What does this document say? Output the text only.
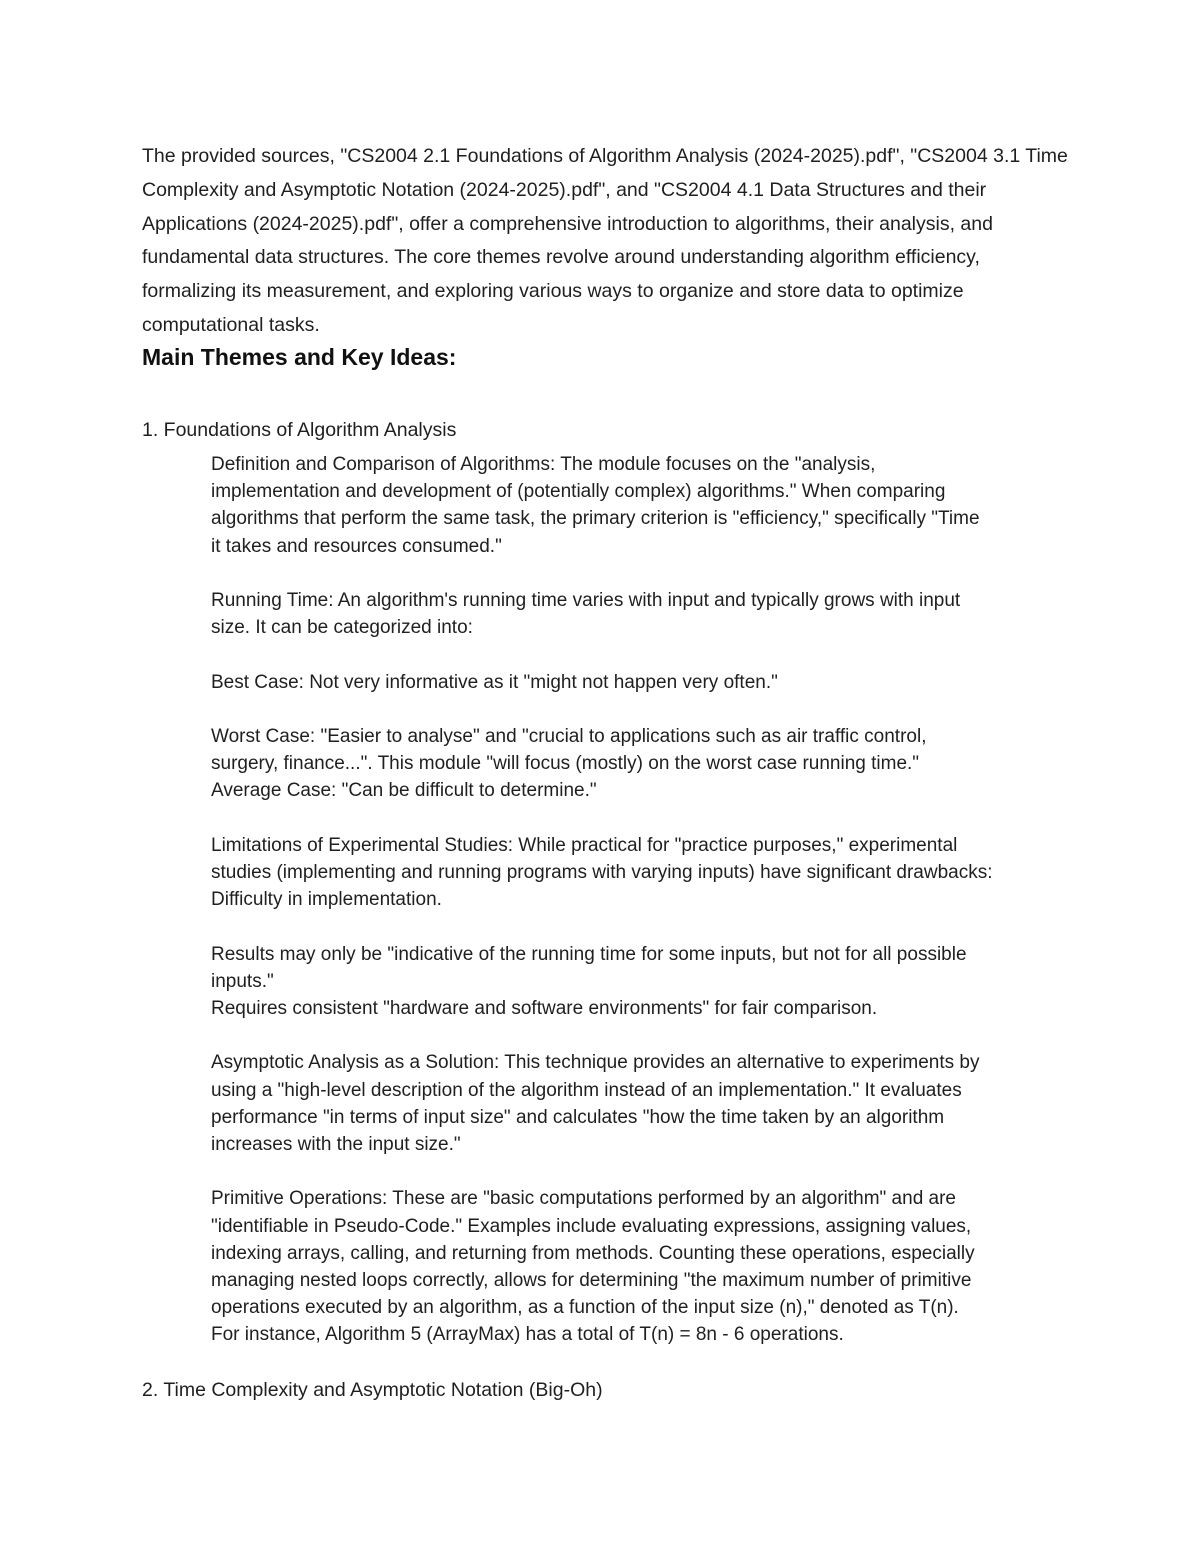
The provided sources, "CS2004 2.1 Foundations of Algorithm Analysis (2024-2025).pdf", "CS2004 3.1 Time Complexity and Asymptotic Notation (2024-2025).pdf", and "CS2004 4.1 Data Structures and their Applications (2024-2025).pdf", offer a comprehensive introduction to algorithms, their analysis, and fundamental data structures. The core themes revolve around understanding algorithm efficiency, formalizing its measurement, and exploring various ways to organize and store data to optimize computational tasks.

Main Themes and Key Ideas:

1. Foundations of Algorithm Analysis

Definition and Comparison of Algorithms: The module focuses on the "analysis,
implementation and development of (potentially complex) algorithms." When comparing
algorithms that perform the same task, the primary criterion is "efficiency," specifically "Time
it takes and resources consumed."

Running Time: An algorithm's running time varies with input and typically grows with input
size. It can be categorized into:

Best Case: Not very informative as it "might not happen very often."

Worst Case: "Easier to analyse" and "crucial to applications such as air traffic control,
surgery, finance...". This module "will focus (mostly) on the worst case running time."
Average Case: "Can be difficult to determine."

Limitations of Experimental Studies: While practical for "practice purposes," experimental
studies (implementing and running programs with varying inputs) have significant drawbacks:
Difficulty in implementation.

Results may only be "indicative of the running time for some inputs, but not for all possible
inputs."
Requires consistent "hardware and software environments" for fair comparison.

Asymptotic Analysis as a Solution: This technique provides an alternative to experiments by
using a "high-level description of the algorithm instead of an implementation." It evaluates
performance "in terms of input size" and calculates "how the time taken by an algorithm
increases with the input size."

Primitive Operations: These are "basic computations performed by an algorithm" and are
"identifiable in Pseudo-Code." Examples include evaluating expressions, assigning values,
indexing arrays, calling, and returning from methods. Counting these operations, especially
managing nested loops correctly, allows for determining "the maximum number of primitive
operations executed by an algorithm, as a function of the input size (n)," denoted as T(n).
For instance, Algorithm 5 (ArrayMax) has a total of T(n) = 8n - 6 operations.

2. Time Complexity and Asymptotic Notation (Big-Oh)
